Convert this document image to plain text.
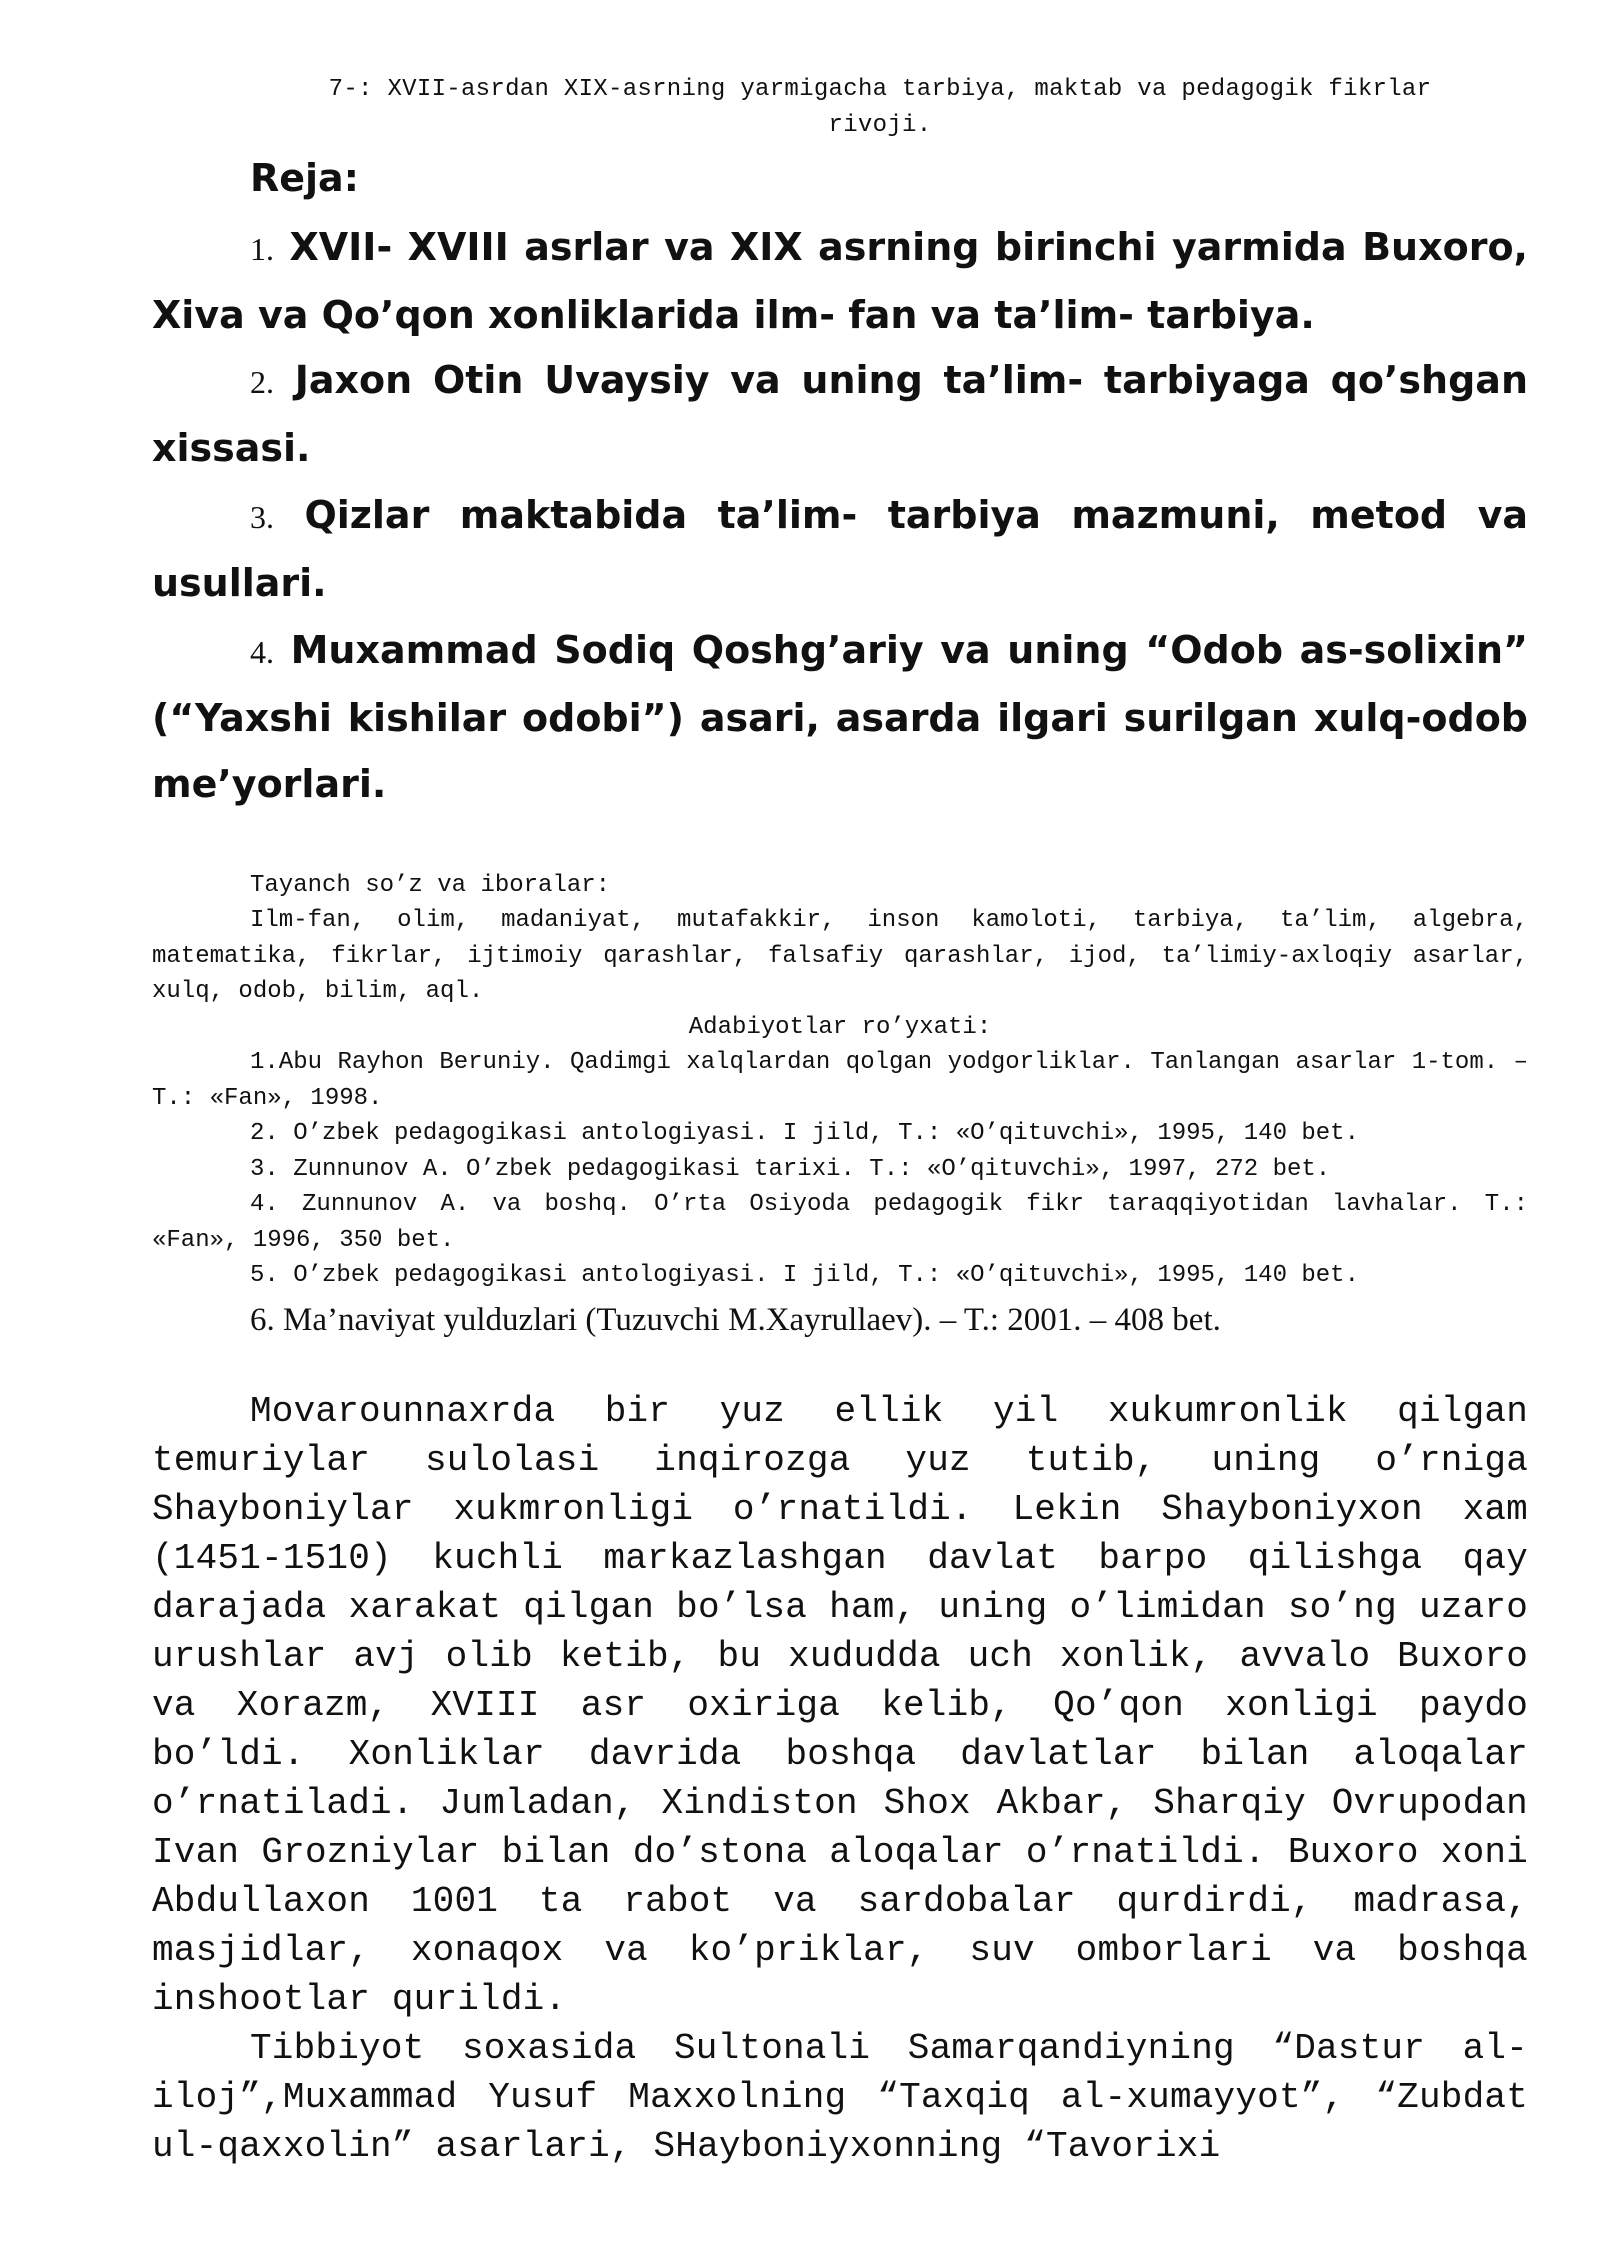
7-: XVII-asrdan XIX-asrning yarmigacha tarbiya, maktab va pedagogik fikrlar
rivoji.
Reja:
1. XVII- XVIII asrlar va XIX asrning birinchi yarmida Buxoro, Xiva va Qo’qon xonliklarida ilm- fan va ta’lim- tarbiya.
2. Jaxon Otin Uvaysiy va uning ta’lim- tarbiyaga qo’shgan xissasi.
3. Qizlar maktabida ta’lim- tarbiya mazmuni, metod va usullari.
4. Muxammad Sodiq Qoshg’ariy va uning “Odob as-solixin” (“Yaxshi kishilar odobi”) asari, asarda ilgari surilgan xulq-odob me’yorlari.
Tayanch so’z va iboralar:
Ilm-fan, olim, madaniyat, mutafakkir, inson kamoloti, tarbiya, ta’lim, algebra, matematika, fikrlar, ijtimoiy qarashlar, falsafiy qarashlar, ijod, ta’limiy-axloqiy asarlar, xulq, odob, bilim, aql.
Adabiyotlar ro’yxati:
1.Abu Rayhon Beruniy. Qadimgi xalqlardan qolgan yodgorliklar. Tanlangan asarlar 1-tom. – T.: «Fan», 1998.
2. O’zbek pedagogikasi antologiyasi. I jild, T.: «O’qituvchi», 1995, 140 bet.
3. Zunnunov A. O’zbek pedagogikasi tarixi. T.: «O’qituvchi», 1997, 272 bet.
4. Zunnunov A. va boshq. O’rta Osiyoda pedagogik fikr taraqqiyotidan lavhalar. T.: «Fan», 1996, 350 bet.
5. O’zbek pedagogikasi antologiyasi. I jild, T.: «O’qituvchi», 1995, 140 bet.
6. Ma’naviyat yulduzlari (Tuzuvchi M.Xayrullaev). – T.: 2001. – 408 bet.

Movarounnaxrda bir yuz ellik yil xukumronlik qilgan temuriylar sulolasi inqirozga yuz tutib, uning o’rniga Shayboniylar xukmronligi o’rnatildi. Lekin Shayboniyxon xam (1451-1510) kuchli markazlashgan davlat barpo qilishga qay darajada xarakat qilgan bo’lsa ham, uning o’limidan so’ng uzaro urushlar avj olib ketib, bu xududda uch xonlik, avvalo Buxoro va Xorazm, XVIII asr oxiriga kelib, Qo’qon xonligi paydo bo’ldi. Xonliklar davrida boshqa davlatlar bilan aloqalar o’rnatiladi. Jumladan, Xindiston Shox Akbar, Sharqiy Ovrupodan Ivan Grozniylar bilan do’stona aloqalar o’rnatildi. Buxoro xoni Abdullaxon 1001 ta rabot va sardobalar qurdirdi, madrasa, masjidlar, xonaqox va ko’priklar, suv omborlari va boshqa inshootlar qurildi.

Tibbiyot soxasida Sultonali Samarqandiyning “Dastur al-iloj”,Muxammad Yusuf Maxxolning “Taxqiq al-xumayyot”, “Zubdat ul-qaxxolin” asarlari, SHayboniyxonning “Tavorixi
